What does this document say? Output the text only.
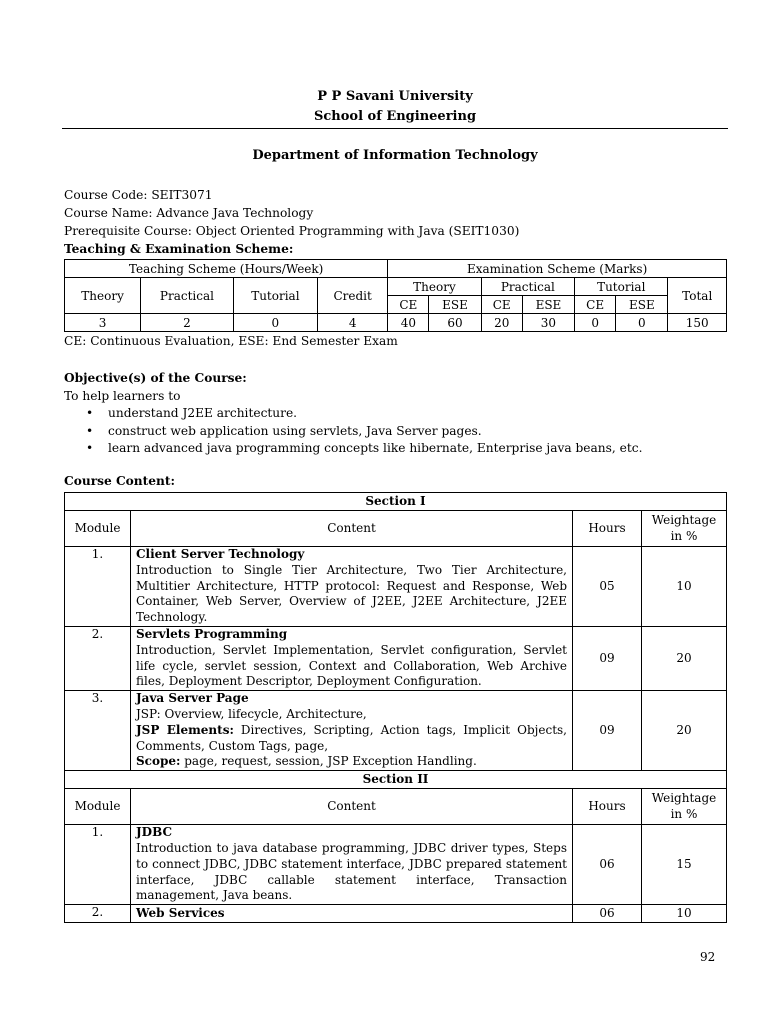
P P Savani University
School of Engineering
Department of Information Technology
Course Code: SEIT3071
Course Name: Advance Java Technology
Prerequisite Course: Object Oriented Programming with Java (SEIT1030)
Teaching & Examination Scheme:
Teaching Scheme (Hours/Week)				Examination Scheme (Marks)						
Theory	Practical	Tutorial	Credit	Theory		Practical		Tutorial		Total
				CE	ESE	CE	ESE	CE	ESE	
3	2	0	4	40	60	20	30	0	0	150
CE: Continuous Evaluation, ESE: End Semester Exam
Objective(s) of the Course:
To help learners to
• understand J2EE architecture.
• construct web application using servlets, Java Server pages.
• learn advanced java programming concepts like hibernate, Enterprise java beans, etc.
Course Content:
Section I			
Module	Content	Hours	Weightage in %
1.	Client Server Technology
Introduction to Single Tier Architecture, Two Tier Architecture, Multitier Architecture, HTTP protocol: Request and Response, Web Container, Web Server, Overview of J2EE, J2EE Architecture, J2EE Technology.	05	10
2.	Servlets Programming
Introduction, Servlet Implementation, Servlet configuration, Servlet life cycle, servlet session, Context and Collaboration, Web Archive files, Deployment Descriptor, Deployment Configuration.	09	20
3.	Java Server Page
JSP: Overview, lifecycle, Architecture,
JSP Elements: Directives, Scripting, Action tags, Implicit Objects, Comments, Custom Tags, page,
Scope: page, request, session, JSP Exception Handling.	09	20
Section II			
Module	Content	Hours	Weightage in %
1.	JDBC
Introduction to java database programming, JDBC driver types, Steps to connect JDBC, JDBC statement interface, JDBC prepared statement interface, JDBC callable statement interface, Transaction management, Java beans.	06	15
2.	Web Services	06	10
92
